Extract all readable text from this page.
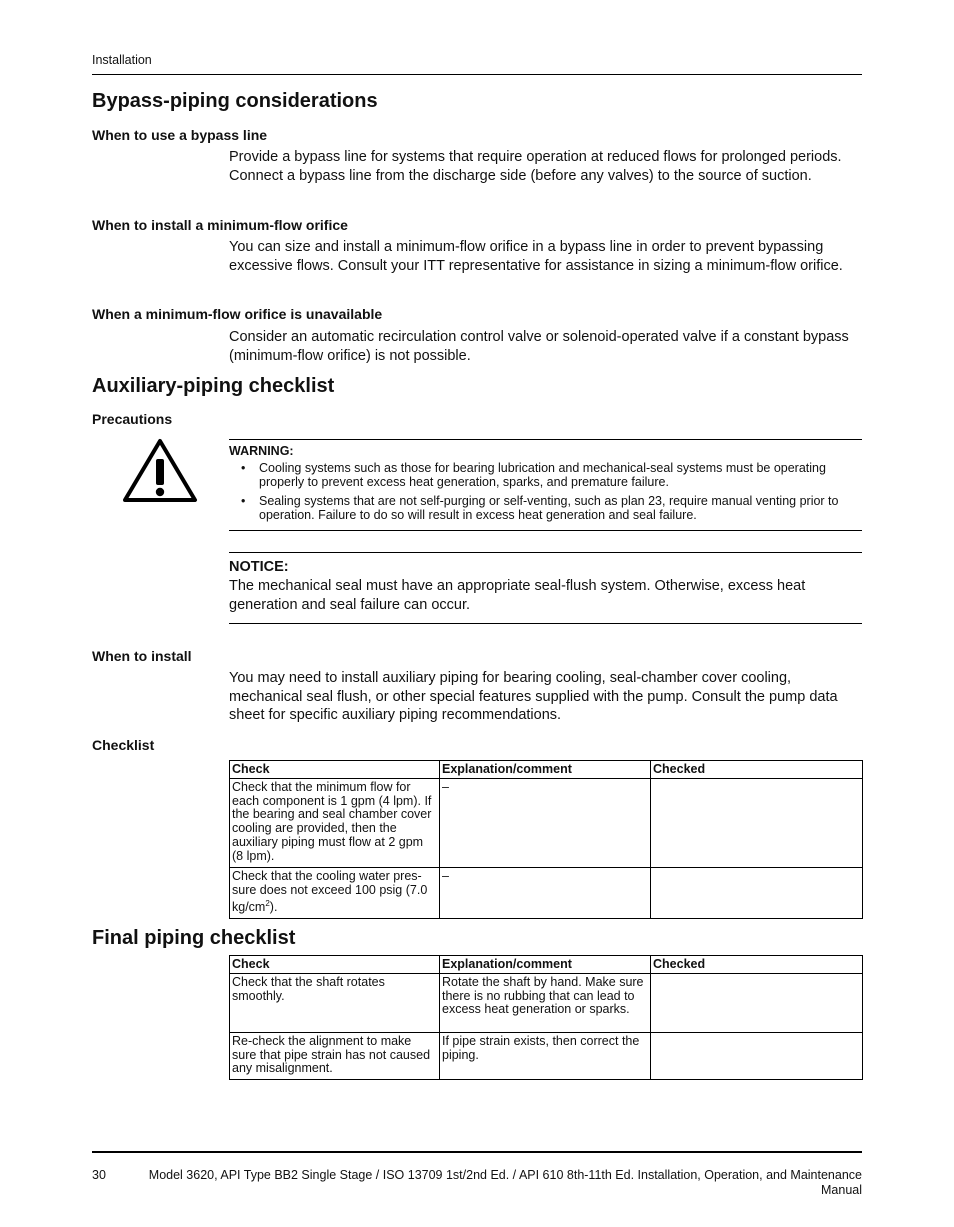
Installation
Bypass-piping considerations
When to use a bypass line
Provide a bypass line for systems that require operation at reduced flows for prolonged periods. Connect a bypass line from the discharge side (before any valves) to the source of suction.
When to install a minimum-flow orifice
You can size and install a minimum-flow orifice in a bypass line in order to prevent bypassing excessive flows. Consult your ITT representative for assistance in sizing a minimum-flow orifice.
When a minimum-flow orifice is unavailable
Consider an automatic recirculation control valve or solenoid-operated valve if a constant bypass (minimum-flow orifice) is not possible.
Auxiliary-piping checklist
Precautions
WARNING:
• Cooling systems such as those for bearing lubrication and mechanical-seal systems must be operating properly to prevent excess heat generation, sparks, and premature failure.
• Sealing systems that are not self-purging or self-venting, such as plan 23, require manual venting prior to operation. Failure to do so will result in excess heat generation and seal failure.
NOTICE:
The mechanical seal must have an appropriate seal-flush system. Otherwise, excess heat generation and seal failure can occur.
When to install
You may need to install auxiliary piping for bearing cooling, seal-chamber cover cooling, mechanical seal flush, or other special features supplied with the pump. Consult the pump data sheet for specific auxiliary piping recommendations.
Checklist
Check	Explanation/comment	Checked
Check that the minimum flow for each component is 1 gpm (4 lpm). If the bearing and seal chamber cover cooling are provided, then the auxiliary piping must flow at 2 gpm (8 lpm).	–	
Check that the cooling water pres-sure does not exceed 100 psig (7.0 $kg/cm^2$).	–	
Final piping checklist
Check	Explanation/comment	Checked
Check that the shaft rotates smoothly.	Rotate the shaft by hand. Make sure there is no rubbing that can lead to excess heat generation or sparks.	
Re-check the alignment to make sure that pipe strain has not caused any misalignment.	If pipe strain exists, then correct the piping.	
30	Model 3620, API Type BB2 Single Stage / ISO 13709 1st/2nd Ed. / API 610 8th-11th Ed. Installation, Operation, and Maintenance Manual
